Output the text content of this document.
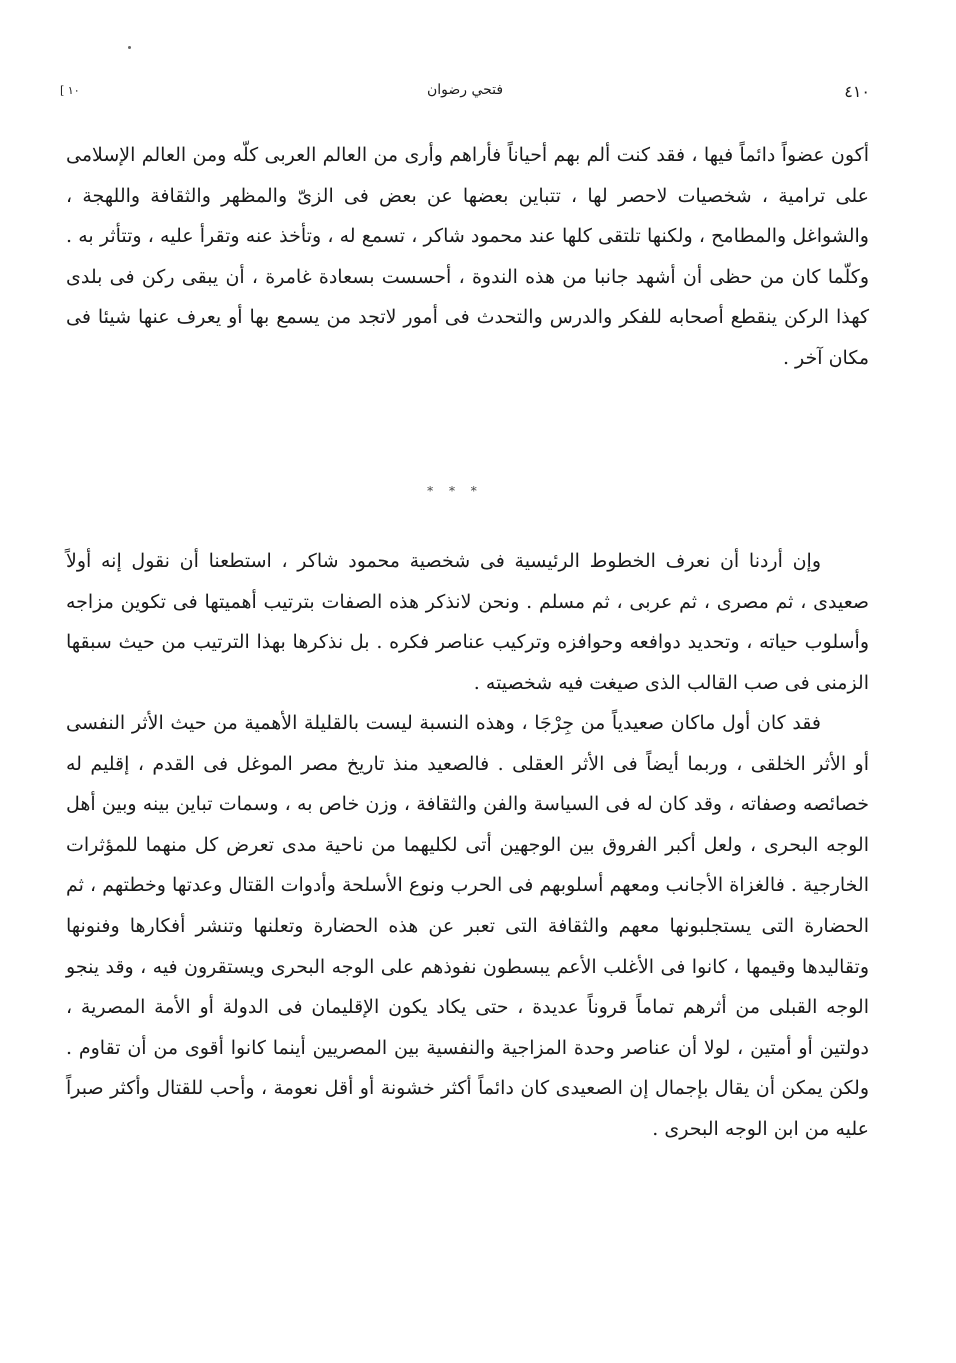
٤١٠
فتحي رضوان
[ ١٠

أكون عضواً دائماً فيها ، فقد كنت ألم بهم أحياناً فأراهم وأرى من العالم العربى كلّه ومن العالم الإسلامى على ترامية ، شخصيات لاحصر لها ، تتباين بعضها عن بعض فى الزىّ والمظهر والثقافة واللهجة ، والشواغل والمطامح ، ولكنها تلتقى كلها عند محمود شاكر ، تسمع له ، وتأخذ عنه وتقرأ عليه ، وتتأثر به . وكلّما كان من حظى أن أشهد جانبا من هذه الندوة ، أحسست بسعادة غامرة ، أن يبقى ركن فى بلدى كهذا الركن ينقطع أصحابه للفكر والدرس والتحدث فى أمور لاتجد من يسمع بها أو يعرف عنها شيئا فى مكان آخر .

* * *

وإن أردنا أن نعرف الخطوط الرئيسية فى شخصية محمود شاكر ، استطعنا أن نقول إنه أولاً صعيدى ، ثم مصرى ، ثم عربى ، ثم مسلم . ونحن لانذكر هذه الصفات بترتيب أهميتها فى تكوين مزاجه وأسلوب حياته ، وتحديد دوافعه وحوافزه وتركيب عناصر فكره . بل نذكرها بهذا الترتيب من حيث سبقها الزمنى فى صب القالب الذى صيغت فيه شخصيته .

فقد كان أول ماكان صعيدياً من جِرْجَا ، وهذه النسبة ليست بالقليلة الأهمية من حيث الأثر النفسى أو الأثر الخلقى ، وربما أيضاً فى الأثر العقلى . فالصعيد منذ تاريخ مصر الموغل فى القدم ، إقليم له خصائصه وصفاته ، وقد كان له فى السياسة والفن والثقافة ، وزن خاص به ، وسمات تباين بينه وبين أهل الوجه البحرى ، ولعل أكبر الفروق بين الوجهين أتى لكليهما من ناحية مدى تعرض كل منهما للمؤثرات الخارجية . فالغزاة الأجانب ومعهم أسلوبهم فى الحرب ونوع الأسلحة وأدوات القتال وعدتها وخطتهم ، ثم الحضارة التى يستجلبونها معهم والثقافة التى تعبر عن هذه الحضارة وتعلنها وتنشر أفكارها وفنونها وتقاليدها وقيمها ، كانوا فى الأغلب الأعم يبسطون نفوذهم على الوجه البحرى ويستقرون فيه ، وقد ينجو الوجه القبلى من أثرهم تماماً قروناً عديدة ، حتى يكاد يكون الإقليمان فى الدولة أو الأمة المصرية ، دولتين أو أمتين ، لولا أن عناصر وحدة المزاجية والنفسية بين المصريين أينما كانوا أقوى من أن تقاوم . ولكن يمكن أن يقال بإجمال إن الصعيدى كان دائماً أكثر خشونة أو أقل نعومة ، وأحب للقتال وأكثر صبراً عليه من ابن الوجه البحرى .
